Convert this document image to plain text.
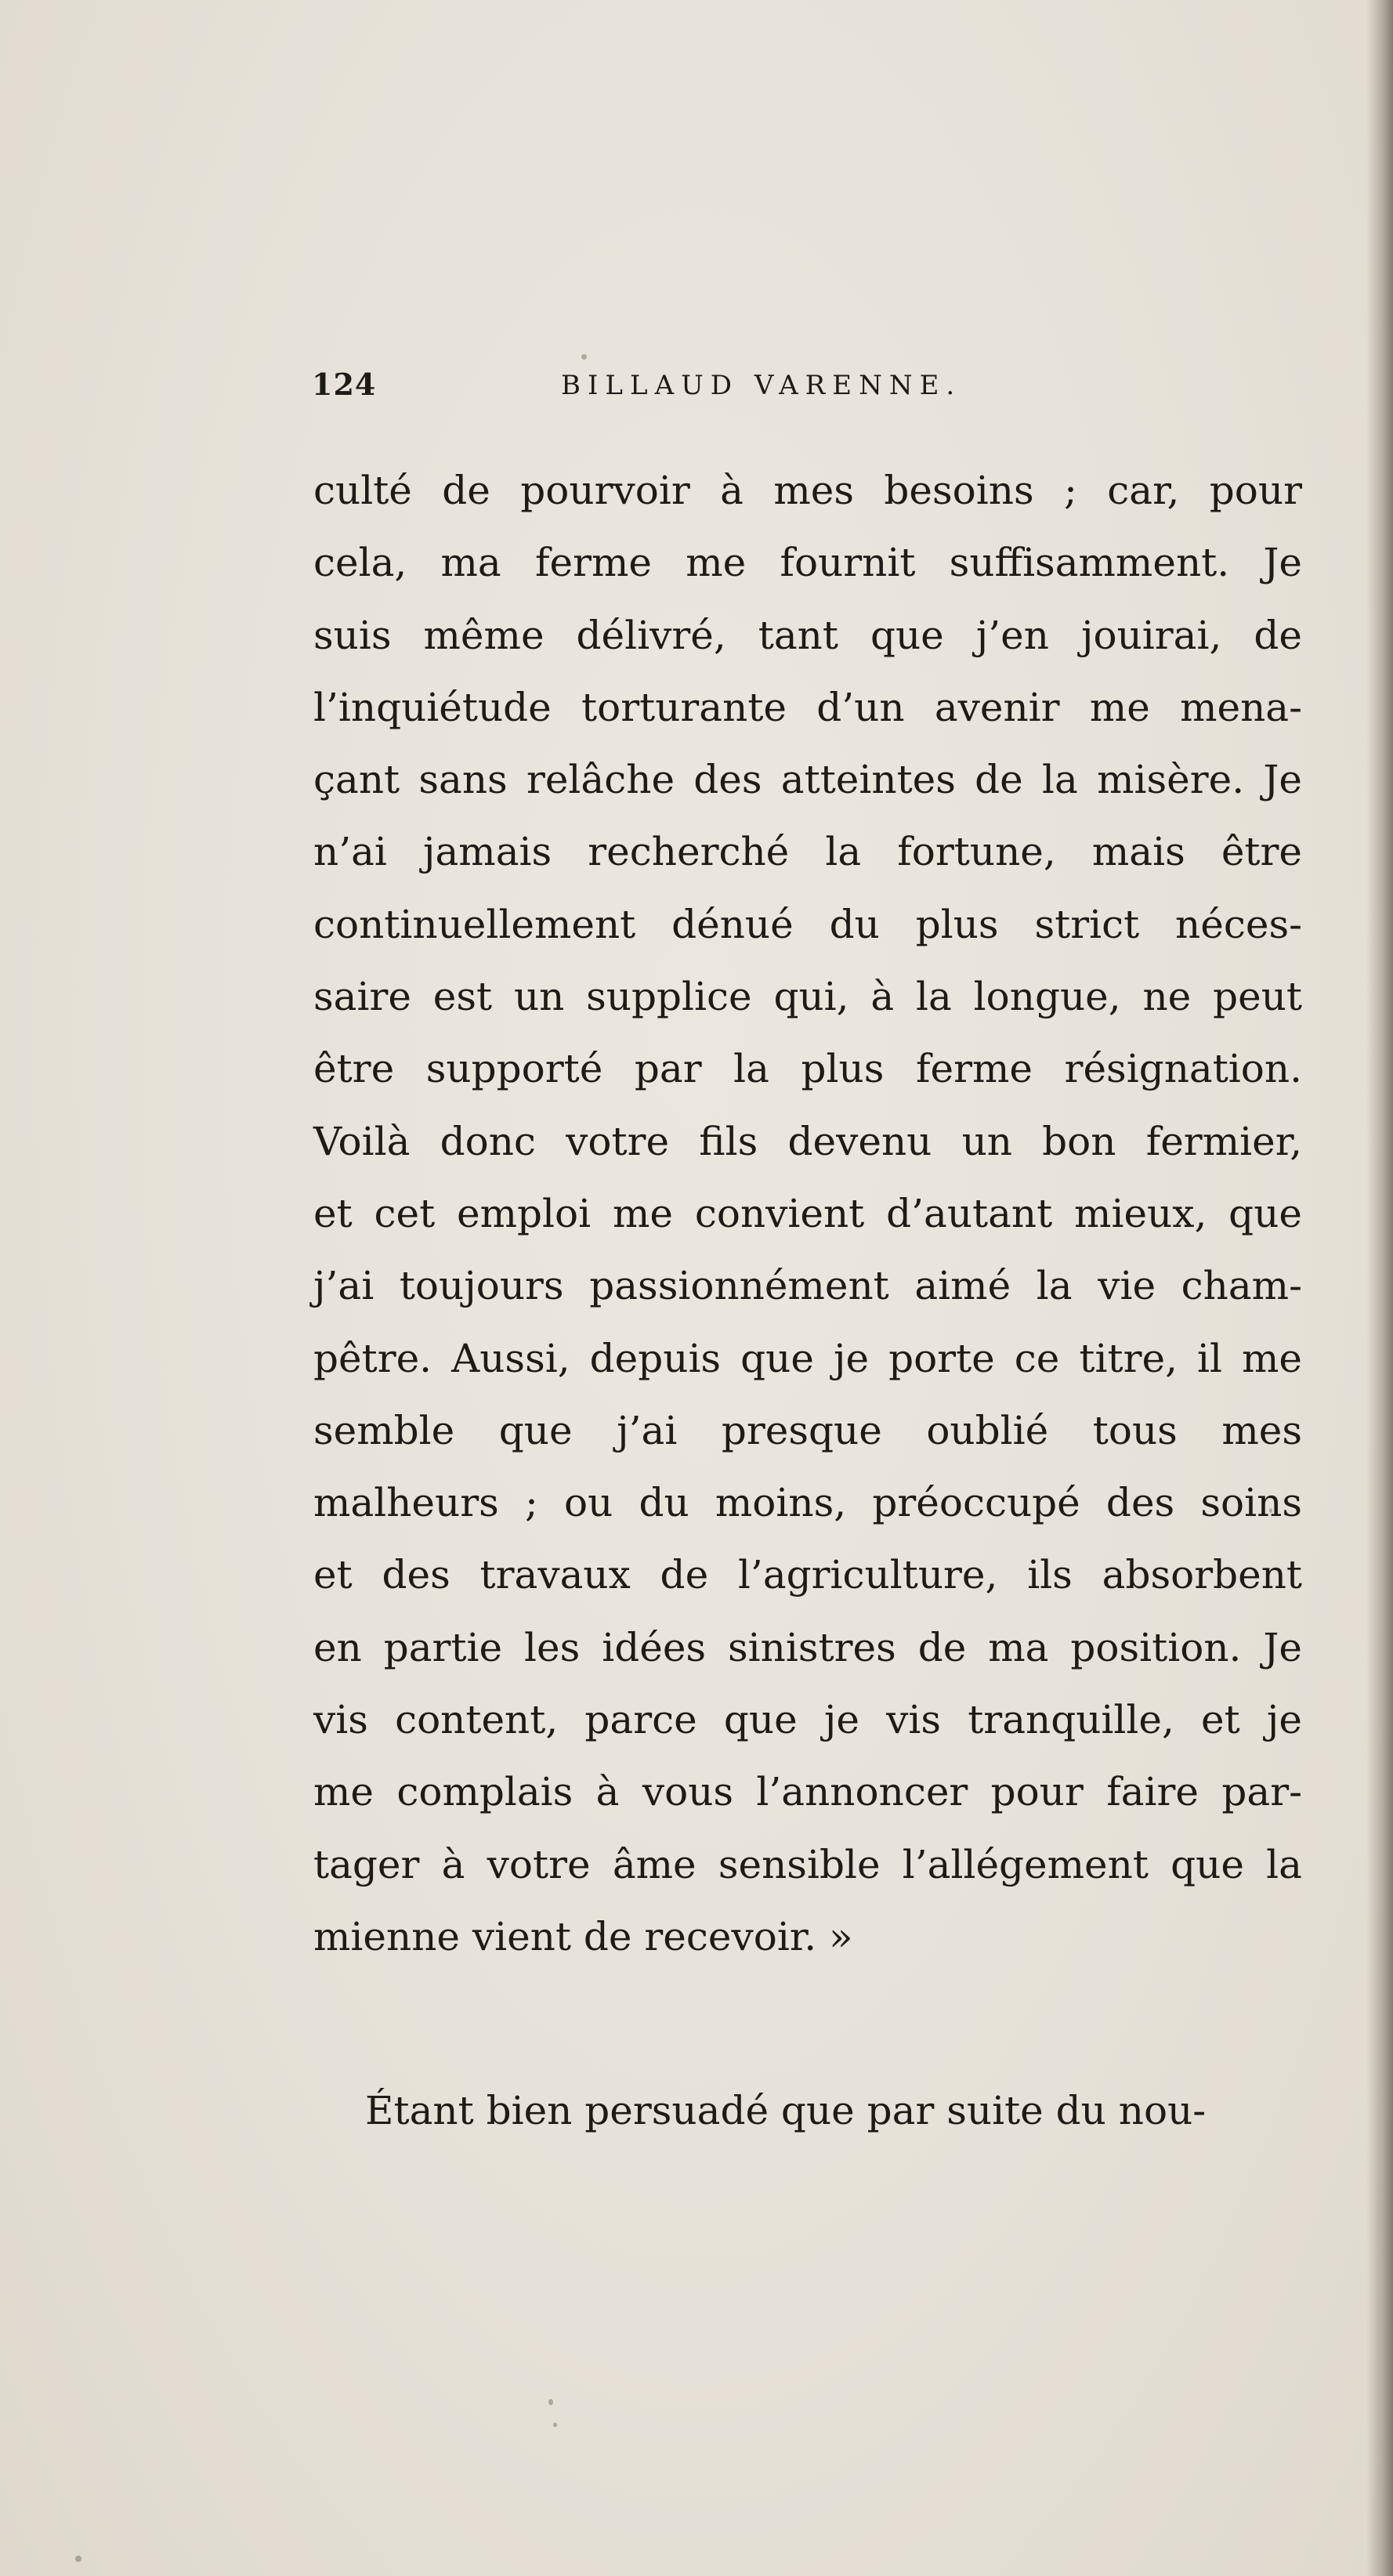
124	BILLAUD VARENNE.
culté de pourvoir à mes besoins ; car, pour
cela, ma ferme me fournit suffisamment. Je
suis même délivré, tant que j’en jouirai, de
l’inquiétude torturante d’un avenir me mena-
çant sans relâche des atteintes de la misère. Je
n’ai jamais recherché la fortune, mais être
continuellement dénué du plus strict néces-
saire est un supplice qui, à la longue, ne peut
être supporté par la plus ferme résignation.
Voilà donc votre fils devenu un bon fermier,
et cet emploi me convient d’autant mieux, que
j’ai toujours passionnément aimé la vie cham-
pêtre. Aussi, depuis que je porte ce titre, il me
semble que j’ai presque oublié tous mes
malheurs ; ou du moins, préoccupé des soins
et des travaux de l’agriculture, ils absorbent
en partie les idées sinistres de ma position. Je
vis content, parce que je vis tranquille, et je
me complais à vous l’annoncer pour faire par-
tager à votre âme sensible l’allégement que la
mienne vient de recevoir. »
Étant bien persuadé que par suite du nou-
